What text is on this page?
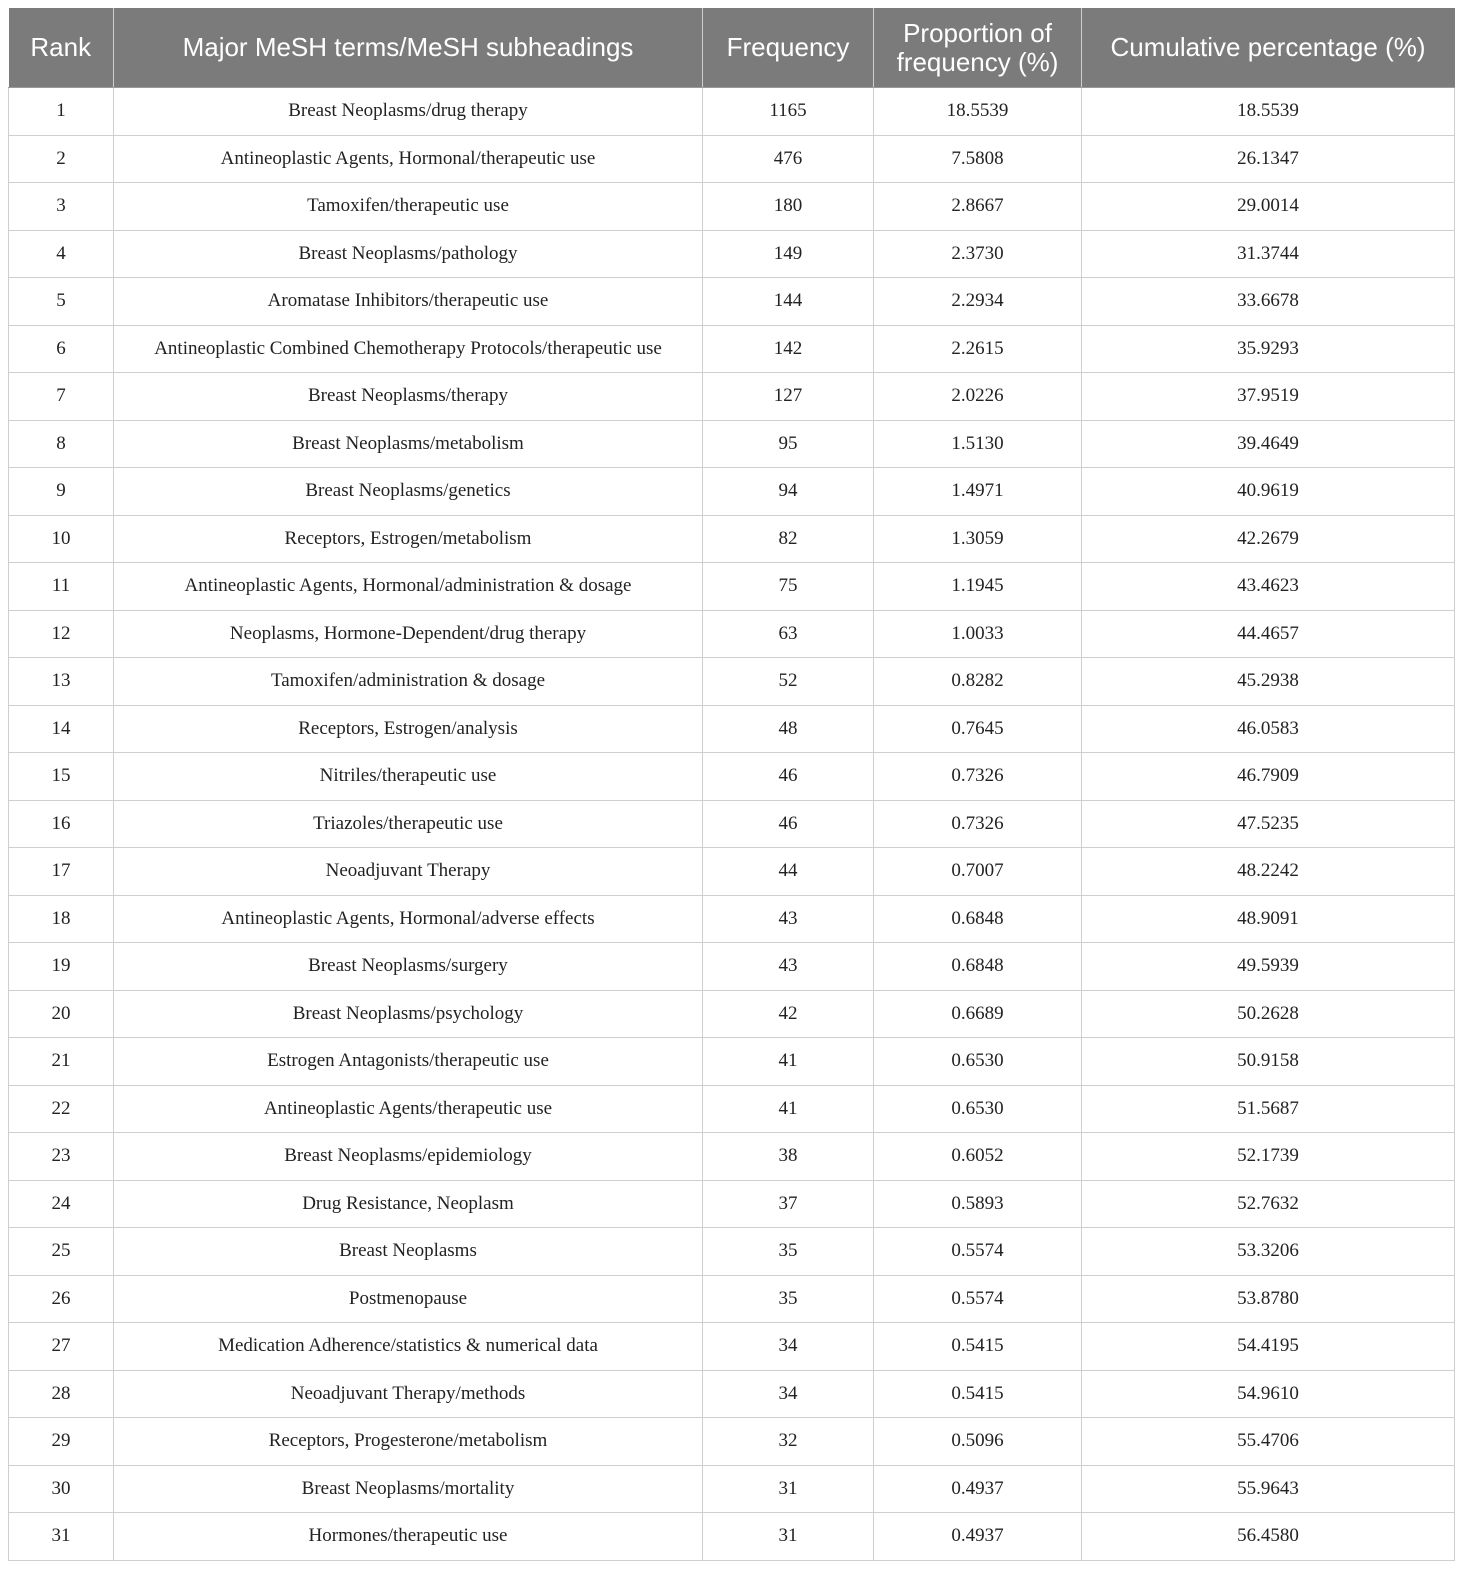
Rank	Major MeSH terms/MeSH subheadings	Frequency	Proportion of frequency (%)	Cumulative percentage (%)
1	Breast Neoplasms/drug therapy	1165	18.5539	18.5539
2	Antineoplastic Agents, Hormonal/therapeutic use	476	7.5808	26.1347
3	Tamoxifen/therapeutic use	180	2.8667	29.0014
4	Breast Neoplasms/pathology	149	2.3730	31.3744
5	Aromatase Inhibitors/therapeutic use	144	2.2934	33.6678
6	Antineoplastic Combined Chemotherapy Protocols/therapeutic use	142	2.2615	35.9293
7	Breast Neoplasms/therapy	127	2.0226	37.9519
8	Breast Neoplasms/metabolism	95	1.5130	39.4649
9	Breast Neoplasms/genetics	94	1.4971	40.9619
10	Receptors, Estrogen/metabolism	82	1.3059	42.2679
11	Antineoplastic Agents, Hormonal/administration & dosage	75	1.1945	43.4623
12	Neoplasms, Hormone-Dependent/drug therapy	63	1.0033	44.4657
13	Tamoxifen/administration & dosage	52	0.8282	45.2938
14	Receptors, Estrogen/analysis	48	0.7645	46.0583
15	Nitriles/therapeutic use	46	0.7326	46.7909
16	Triazoles/therapeutic use	46	0.7326	47.5235
17	Neoadjuvant Therapy	44	0.7007	48.2242
18	Antineoplastic Agents, Hormonal/adverse effects	43	0.6848	48.9091
19	Breast Neoplasms/surgery	43	0.6848	49.5939
20	Breast Neoplasms/psychology	42	0.6689	50.2628
21	Estrogen Antagonists/therapeutic use	41	0.6530	50.9158
22	Antineoplastic Agents/therapeutic use	41	0.6530	51.5687
23	Breast Neoplasms/epidemiology	38	0.6052	52.1739
24	Drug Resistance, Neoplasm	37	0.5893	52.7632
25	Breast Neoplasms	35	0.5574	53.3206
26	Postmenopause	35	0.5574	53.8780
27	Medication Adherence/statistics & numerical data	34	0.5415	54.4195
28	Neoadjuvant Therapy/methods	34	0.5415	54.9610
29	Receptors, Progesterone/metabolism	32	0.5096	55.4706
30	Breast Neoplasms/mortality	31	0.4937	55.9643
31	Hormones/therapeutic use	31	0.4937	56.4580
